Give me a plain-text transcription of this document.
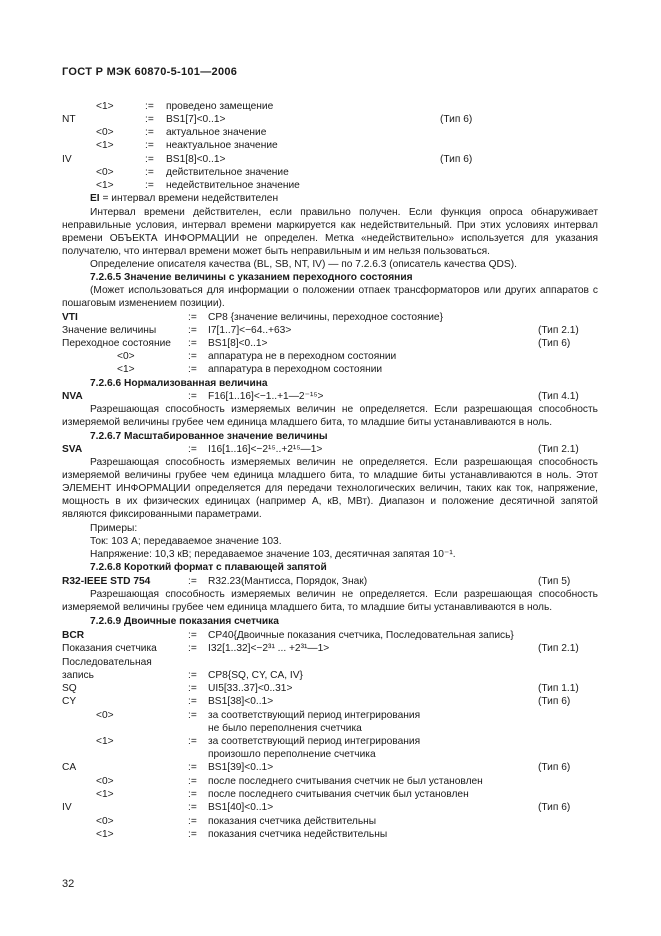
ГОСТ Р МЭК 60870-5-101—2006
<1>	:= проведено замещение
NT	:= BS1[7]<0..1>	(Тип 6)
<0>	:= актуальное значение
<1>	:= неактуальное значение
IV	:= BS1[8]<0..1>	(Тип 6)
<0>	:= действительное значение
<1>	:= недействительное значение
EI = интервал времени недействителен

Интервал времени действителен, если правильно получен. Если функция опроса обнаруживает неправильные условия, интервал времени маркируется как недействительный. При этих условиях интервал времени ОБЪЕКТА ИНФОРМАЦИИ не определен. Метка «недействительно» используется для указания получателю, что интервал времени может быть неправильным и им нельзя пользоваться.

Определение описателя качества (BL, SB, NT, IV) — по 7.2.6.3 (описатель качества QDS).

7.2.6.5 Значение величины с указанием переходного состояния

(Может использоваться для информации о положении отпаек трансформаторов или других аппаратов с пошаговым изменением позиции).

VTI	:= CP8 {значение величины, переходное состояние}
Значение величины	:= I7[1..7]<−64..+63>	(Тип 2.1)
Переходное состояние := BS1[8]<0..1>	(Тип 6)
<0>	:= аппаратура не в переходном состоянии
<1>	:= аппаратура в переходном состоянии
7.2.6.6 Нормализованная величина
NVA	:= F16[1..16]<−1..+1—2⁻¹⁵>	(Тип 4.1)

Разрешающая способность измеряемых величин не определяется. Если разрешающая способность измеряемой величины грубее чем единица младшего бита, то младшие биты устанавливаются в ноль.

7.2.6.7 Масштабированное значение величины
SVA	:= I16[1..16]<−2¹⁵..+2¹⁵—1>	(Тип 2.1)

Разрешающая способность измеряемых величин не определяется. Если разрешающая способность измеряемой величины грубее чем единица младшего бита, то младшие биты устанавливаются в ноль. Этот ЭЛЕМЕНТ ИНФОРМАЦИИ определяется для передачи технологических величин, таких как ток, напряжение, мощность в их физических единицах (например А, кВ, МВт). Диапазон и положение десятичной запятой являются фиксированными параметрами.

Примеры:
Ток: 103 А; передаваемое значение 103.
Напряжение: 10,3 кВ; передаваемое значение 103, десятичная запятая 10⁻¹.
7.2.6.8 Короткий формат с плавающей запятой
R32-IEEE STD 754	:= R32.23(Мантисса, Порядок, Знак)	(Тип 5)

Разрешающая способность измеряемых величин не определяется. Если разрешающая способность измеряемой величины грубее чем единица младшего бита, то младшие биты устанавливаются в ноль.

7.2.6.9 Двоичные показания счетчика
BCR	:= CP40{Двоичные показания счетчика, Последовательная запись}
Показания счетчика	:= I32[1..32]<−2³¹ ... +2³¹—1>	(Тип 2.1)
Последовательная
запись	:= CP8{SQ, CY, CA, IV}
SQ	:= UI5[33..37]<0..31>	(Тип 1.1)
CY	:= BS1[38]<0..1>	(Тип 6)
<0>	:= за соответствующий период интегрирования
не было переполнения счетчика
<1>	:= за соответствующий период интегрирования
произошло переполнение счетчика
CA	:= BS1[39]<0..1>	(Тип 6)
<0>	:= после последнего считывания счетчик не был установлен
<1>	:= после последнего считывания счетчик был установлен
IV	:= BS1[40]<0..1>	(Тип 6)
<0>	:= показания счетчика действительны
<1>	:= показания счетчика недействительны
32
